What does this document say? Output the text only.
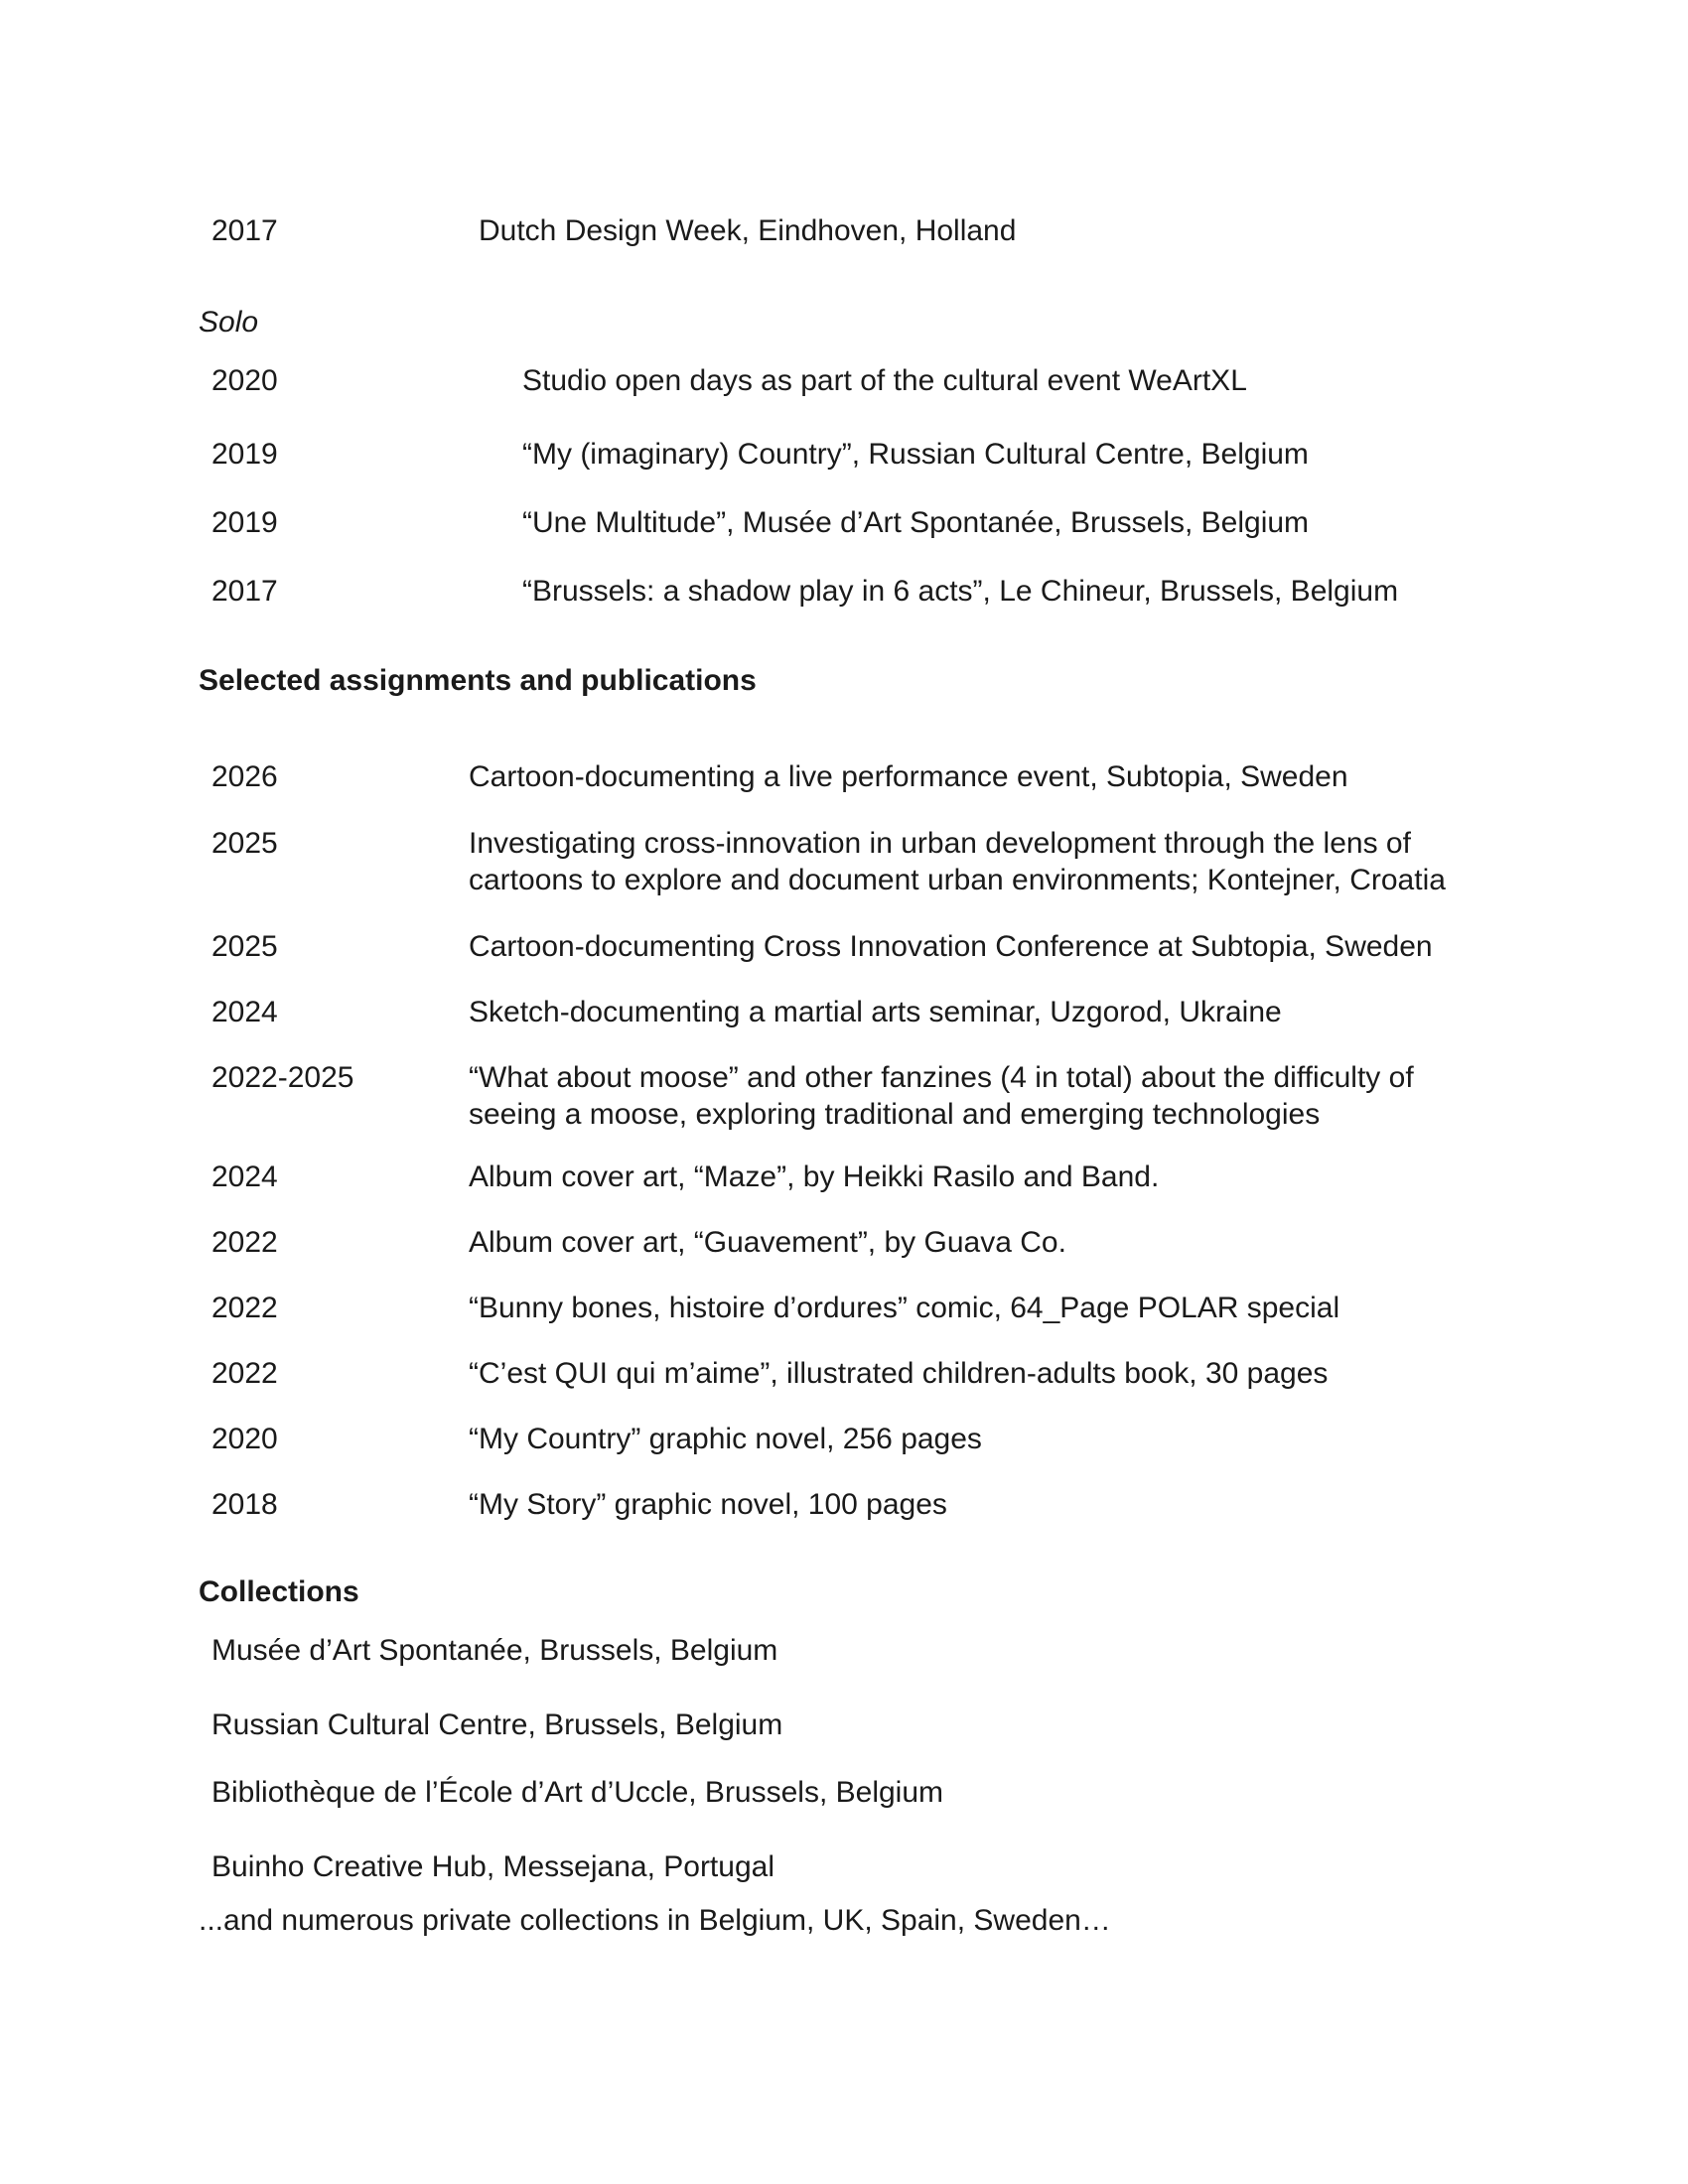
2017	Dutch Design Week, Eindhoven, Holland
Solo
2020	Studio open days as part of the cultural event WeArtXL
2019	“My (imaginary) Country”, Russian Cultural Centre, Belgium
2019	“Une Multitude”, Musée d’Art Spontanée, Brussels, Belgium
2017	“Brussels: a shadow play in 6 acts”, Le Chineur, Brussels, Belgium
Selected assignments and publications
2026	Cartoon-documenting a live performance event, Subtopia, Sweden
2025	Investigating cross-innovation in urban development through the lens of
cartoons to explore and document urban environments; Kontejner, Croatia
2025	Cartoon-documenting Cross Innovation Conference at Subtopia, Sweden
2024	Sketch-documenting a martial arts seminar, Uzgorod, Ukraine
2022-2025	“What about moose” and other fanzines (4 in total) about the difficulty of
seeing a moose, exploring traditional and emerging technologies
2024	Album cover art, “Maze”, by Heikki Rasilo and Band.
2022	Album cover art, “Guavement”, by Guava Co.
2022	“Bunny bones, histoire d’ordures” comic, 64_Page POLAR special
2022	“C’est QUI qui m’aime”, illustrated children-adults book, 30 pages
2020	“My Country” graphic novel, 256 pages
2018	“My Story” graphic novel, 100 pages
Collections
Musée d’Art Spontanée, Brussels, Belgium
Russian Cultural Centre, Brussels, Belgium
Bibliothèque de l’École d’Art d’Uccle, Brussels, Belgium
Buinho Creative Hub, Messejana, Portugal
...and numerous private collections in Belgium, UK, Spain, Sweden…
